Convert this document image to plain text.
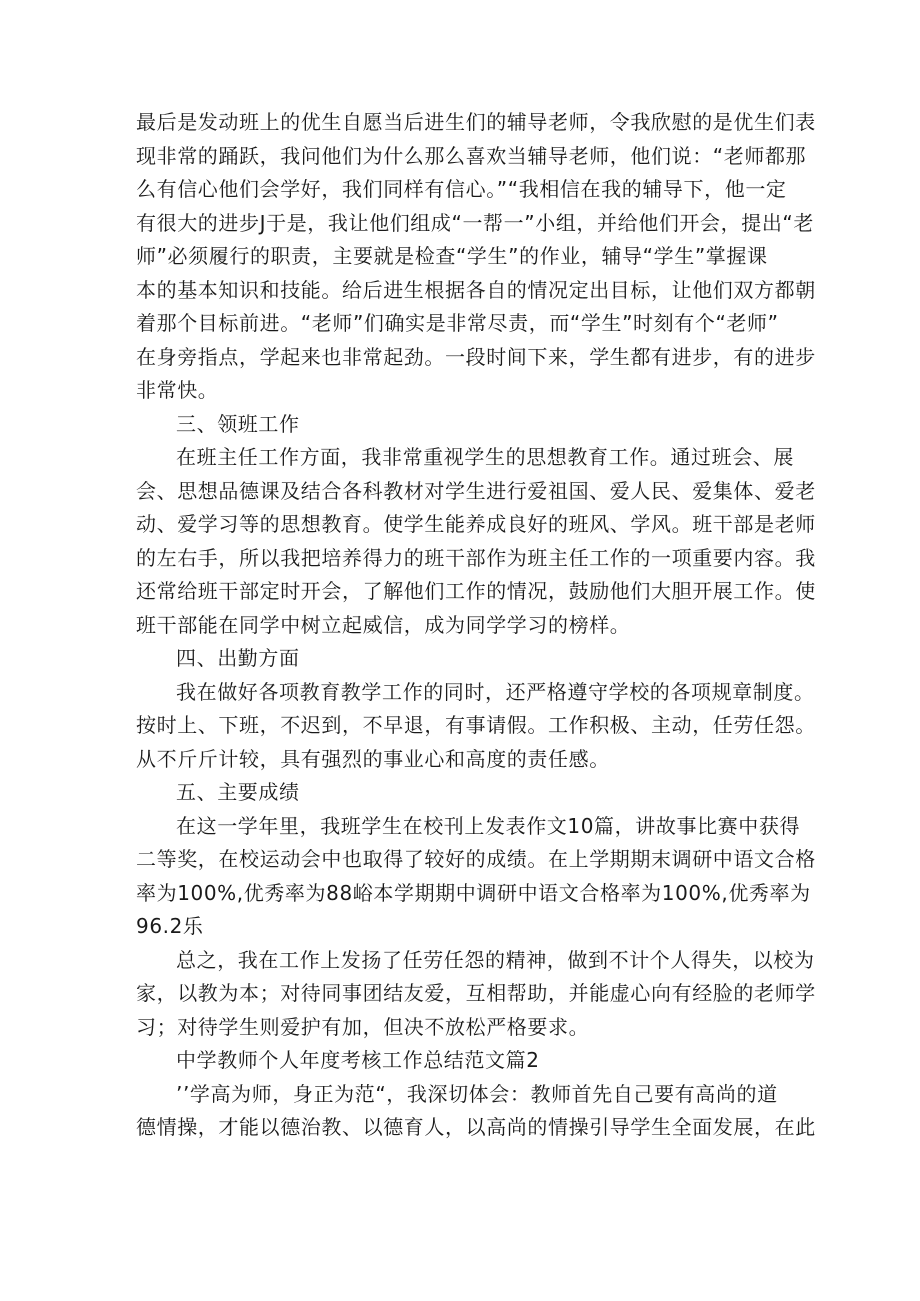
最后是发动班上的优生自愿当后进生们的辅导老师，令我欣慰的是优生们表
现非常的踊跃，我问他们为什么那么喜欢当辅导老师，他们说：“老师都那
么有信心他们会学好，我们同样有信心。”“我相信在我的辅导下，他一定
有很大的进步J于是，我让他们组成“一帮一”小组，并给他们开会，提出“老
师”必须履行的职责，主要就是检查“学生”的作业，辅导“学生”掌握课
本的基本知识和技能。给后进生根据各自的情况定出目标，让他们双方都朝
着那个目标前进。“老师”们确实是非常尽责，而“学生”时刻有个“老师”
在身旁指点，学起来也非常起劲。一段时间下来，学生都有进步，有的进步
非常快。
三、领班工作
在班主任工作方面，我非常重视学生的思想教育工作。通过班会、展
会、思想品德课及结合各科教材对学生进行爱祖国、爱人民、爱集体、爱老
动、爱学习等的思想教育。使学生能养成良好的班风、学风。班干部是老师
的左右手，所以我把培养得力的班干部作为班主任工作的一项重要内容。我
还常给班干部定时开会，了解他们工作的情况，鼓励他们大胆开展工作。使
班干部能在同学中树立起威信，成为同学学习的榜样。
四、出勤方面
我在做好各项教育教学工作的同时，还严格遵守学校的各项规章制度。
按时上、下班，不迟到，不早退，有事请假。工作积极、主动，任劳任怨。
从不斤斤计较，具有强烈的事业心和高度的责任感。
五、主要成绩
在这一学年里，我班学生在校刊上发表作文10篇，讲故事比赛中获得
二等奖，在校运动会中也取得了较好的成绩。在上学期期末调研中语文合格
率为100%,优秀率为88峪本学期期中调研中语文合格率为100%,优秀率为
96.2乐
总之，我在工作上发扬了任劳任怨的精神，做到不计个人得失，以校为
家，以教为本；对待同事团结友爱，互相帮助，并能虚心向有经脸的老师学
习；对待学生则爱护有加，但决不放松严格要求。
中学教师个人年度考核工作总结范文篇2
’’学高为师，身正为范“，我深切体会：教师首先自己要有高尚的道
德情操，才能以德治教、以德育人，以高尚的情操引导学生全面发展，在此
